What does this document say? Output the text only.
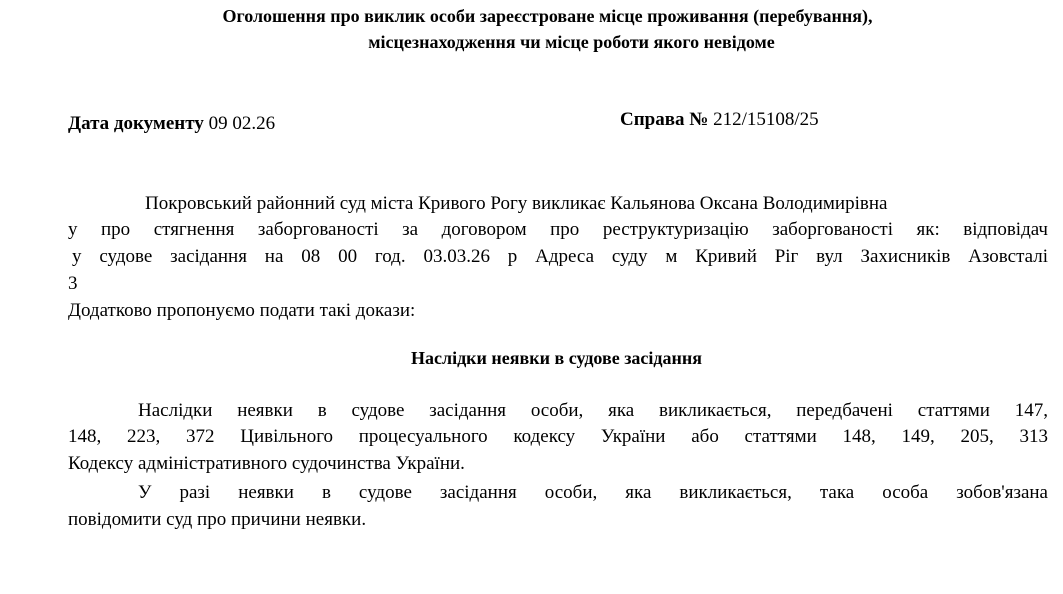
Оголошення про виклик особи зареєстроване місце проживання (перебування),
місцезнаходження чи місце роботи якого невідоме
Дата документу 09 02.26	Справа № 212/15108/25
Покровський районний суд міста Кривого Рогу викликає Кальянова Оксана Володимирівна
у про стягнення заборгованості за договором про реструктуризацію заборгованості як: відповідач
у судове засідання на 08 00 год. 03.03.26 р Адреса суду м Кривий Ріг вул Захисників Азовсталі
3
Додатково пропонуємо подати такі докази:
Наслідки неявки в судове засідання
Наслідки неявки в судове засідання особи, яка викликається, передбачені статтями 147,
148, 223, 372 Цивільного процесуального кодексу України або статтями 148, 149, 205, 313
Кодексу адміністративного судочинства України.
У разі неявки в судове засідання особи, яка викликається, така особа зобов'язана
повідомити суд про причини неявки.
